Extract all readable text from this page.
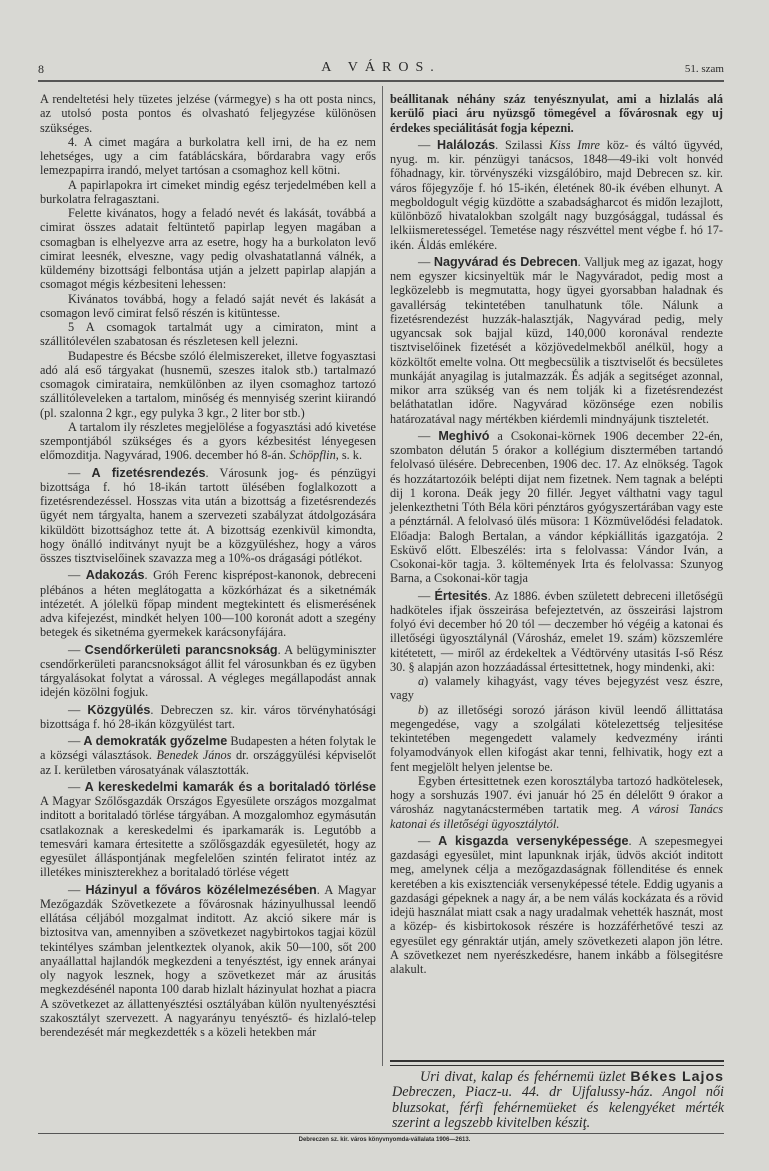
8	A VÁROS.	51. szam

A rendeltetési hely tüzetes jelzése (vármegye) s ha ott posta nincs, az utolsó posta pontos és olvasható feljegyzése különösen szükséges.

4. A cimet magára a burkolatra kell irni, de ha ez nem lehetséges, ugy a cim fatáblácskára, bőrdarabra vagy erős lemezpapirra irandó, melyet tartósan a csomaghoz kell kötni.

A papirlapokra irt cimeket mindig egész terjedelmében kell a burkolatra felragasztani.

Felette kivánatos, hogy a feladó nevét és lakását, továbbá a cimirat összes adatait feltüntető papirlap legyen magában a csomagban is elhelyezve arra az esetre, hogy ha a burkolaton levő cimirat leesnék, elveszne, vagy pedig olvashatatlanná válnék, a küldemény bizottsági felbontása utján a jelzett papirlap alapján a csomagot mégis kézbesiteni lehessen:

Kivánatos továbbá, hogy a feladó saját nevét és lakását a csomagon levő cimirat felső részén is kitüntesse.

5 A csomagok tartalmát ugy a cimiraton, mint a szállitólevélen szabatosan és részletesen kell jelezni.

Budapestre és Bécsbe szóló élelmiszereket, illetve fogyasztasi adó alá eső tárgyakat (husnemü, szeszes italok stb.) tartalmazó csomagok cimirataira, nemkülönben az ilyen csomaghoz tartozó szállitóleveleken a tartalom, minőség és mennyiség szerint kiirandó (pl. szalonna 2 kgr., egy pulyka 3 kgr., 2 liter bor stb.)

A tartalom ily részletes megjelölése a fogyasztási adó kivetése szempontjából szükséges és a gyors kézbesitést lényegesen előmozditja. Nagyvárad, 1906. december hó 8-án. Schöpflin, s. k.

— A fizetésrendezés. Városunk jog- és pénzügyi bizottsága f. hó 18-ikán tartott ülésében foglalkozott a fizetésrendezéssel. Hosszas vita után a bizottság a fizetésrendezés ügyét nem tárgyalta, hanem a szervezeti szabályzat átdolgozására kiküldött bizottsághoz tette át. A bizottság ezenkivül kimondta, hogy önálló inditványt nyujt be a közgyüléshez, hogy a város összes tisztviselőinek szavazza meg a 10%-os drágasági pótlékot.

— Adakozás. Gróh Ferenc kisprépost-kanonok, debreceni plébános a héten meglátogatta a közkórházat és a siketnémák intézetét. A jólelkü főpap mindent megtekintett és elismerésének adva kifejezést, mindkét helyen 100—100 koronát adott a szegény betegek és siketnéma gyermekek karácsonyfájára.

— Csendőrkerületi parancsnokság. A belügyminiszter csendőrkerületi parancsnokságot állit fel városunkban és ez ügyben tárgyalásokat folytat a várossal. A végleges megállapodást annak idején közölni fogjuk.

— Közgyülés. Debreczen sz. kir. város törvényhatósági bizottsága f. hó 28-ikán közgyülést tart.

— A demokraták győzelme Budapesten a héten folytak le a községi választások. Benedek János dr. országgyülési képviselőt az I. kerületben városatyának választották.

— A kereskedelmi kamarák és a boritaladó törlése A Magyar Szőlősgazdák Országos Egyesülete országos mozgalmat inditott a boritaladó törlése tárgyában. A mozgalomhoz egymásután csatlakoznak a kereskedelmi és iparkamarák is. Legutóbb a temesvári kamara értesitette a szőlősgazdák egyesületét, hogy az egyesület álláspontjának megfelelően szintén feliratot intéz az illetékes miniszterekhez a boritaladó törlése végett

— Házinyul a főváros közélelmezésében. A Magyar Mezőgazdák Szövetkezete a fővárosnak házinyulhussal leendő ellátása céljából mozgalmat inditott. Az akció sikere már is biztositva van, amennyiben a szövetkezet nagybirtokos tagjai közül tekintélyes számban jelentkeztek olyanok, akik 50—100, sőt 200 anyaállattal hajlandók megkezdeni a tenyésztést, igy ennek arányai oly nagyok lesznek, hogy a szövetkezet már az árusitás megkezdésénél naponta 100 darab hizlalt házinyulat hozhat a piacra A szövetkezet az állattenyésztési osztályában külön nyultenyésztési szakosztályt szervezett. A nagyarányu tenyésztő- és hizlaló-telep berendezését már megkezdették s a közeli hetekben már

beállitanak néhány száz tenyésznyulat, ami a hizlalás alá kerülő piaci áru nyüzsgő tömegével a fővárosnak egy uj érdekes speciálitását fogja képezni.

— Halálozás. Szilassi Kiss Imre köz- és váltó ügyvéd, nyug. m. kir. pénzügyi tanácsos, 1848—49-iki volt honvéd főhadnagy, kir. törvényszéki vizsgálóbiro, majd Debrecen sz. kir. város főjegyzője f. hó 15-ikén, életének 80-ik évében elhunyt. A megboldogult végig küzdötte a szabadságharcot és midőn lezajlott, különböző hivatalokban szolgált nagy buzgósággal, tudással és lelkiismeretességel. Temetése nagy részvéttel ment végbe f. hó 17-ikén. Áldás emlékére.

— Nagyvárad és Debrecen. Valljuk meg az igazat, hogy nem egyszer kicsinyeltük már le Nagyváradot, pedig most a legközelebb is megmutatta, hogy ügyei gyorsabban haladnak és gavallérság tekintetében tanulhatunk tőle. Nálunk a fizetésrendezést huzzák-halasztják, Nagyvárad pedig, mely ugyancsak sok bajjal küzd, 140,000 koronával rendezte tisztviselőinek fizetését a közjövedelmekből anélkül, hogy a közköltőt emelte volna. Ott megbecsülik a tisztviselőt és becsületes munkáját anyagilag is jutalmazzák. És adják a segitséget azonnal, mikor arra szükség van és nem tolják ki a fizetésrendezést beláthatatlan időre. Nagyvárad közönsége ezen nobilis határozatával nagy mértékben kiérdemli mindnyájunk tiszteletét.

— Meghivó a Csokonai-körnek 1906 december 22-én, szombaton délután 5 órakor a kollégium disztermében tartandó felolvasó ülésére. Debrecenben, 1906 dec. 17. Az elnökség. Tagok és hozzátartozóik belépti dijat nem fizetnek. Nem tagnak a belépti dij 1 korona. Deák jegy 20 fillér. Jegyet válthatni vagy tagul jelenkezthetni Tóth Béla köri pénztáros gyógyszertárában vagy este a pénztárnál. A felolvasó ülés müsora: 1 Közmüvelődési feladatok. Előadja: Balogh Bertalan, a vándor képkiállitás igazgatója. 2 Esküvő előtt. Elbeszélés: irta s felolvassa: Vándor Iván, a Csokonai-kör tagja. 3. költemények Irta és felolvassa: Szunyog Barna, a Csokonai-kör tagja

— Értesités. Az 1886. évben született debreceni illetőségü hadköteles ifjak összeirása befejeztetvén, az összeirási lajstrom folyó évi december hó 20 tól — deczember hó végéig a katonai és illetőségi ügyosztálynál (Városház, emelet 19. szám) közszemlére kitétetett, — miről az érdekeltek a Védtörvény utasitás I-ső Rész 30. § alapján azon hozzáadással értesittetnek, hogy mindenki, aki:

a) valamely kihagyást, vagy téves bejegyzést vesz észre, vagy

b) az illetőségi sorozó járáson kivül leendő állittatása megengedése, vagy a szolgálati kötelezettség teljesitése tekintetében megengedett valamely kedvezmény iránti folyamodványok ellen kifogást akar tenni, felhivatik, hogy ezt a fent megjelölt helyen jelentse be.

Egyben értesittetnek ezen korosztályba tartozó hadkötelesek, hogy a sorshuzás 1907. évi január hó 25 én délelőtt 9 órakor a városház nagytanácstermében tartatik meg. A városi Tanács katonai és illetőségi ügyosztálytól.

— A kisgazda versenyképessége. A szepesmegyei gazdasági egyesület, mint lapunknak irják, üdvös akciót inditott meg, amelynek célja a mezőgazdaságnak föllenditése és ennek keretében a kis exisztenciák versenyképessé tétele. Eddig ugyanis a gazdasági gépeknek a nagy ár, a be nem válás kockázata és a rövid idejü használat miatt csak a nagy uradalmak vehették hasznát, most a közép- és kisbirtokosok részére is hozzáférhetővé teszi az egyesület egy génraktár utján, amely szövetkezeti alapon jön létre. A szövetkezet nem nyerészkedésre, hanem inkább a fölsegitésre alakult.

Uri divat, kalap és fehérnemü üzlet Békes Lajos Debreczen, Piacz-u. 44. dr Ujfalussy-ház. Angol női bluzsokat, férfi fehérnemüeket és kelengyéket mérték szerint a legszebb kivitelben késziţ.
Debreczen sz. kir. város könyvnyomda-vállalata 1906—2613.
